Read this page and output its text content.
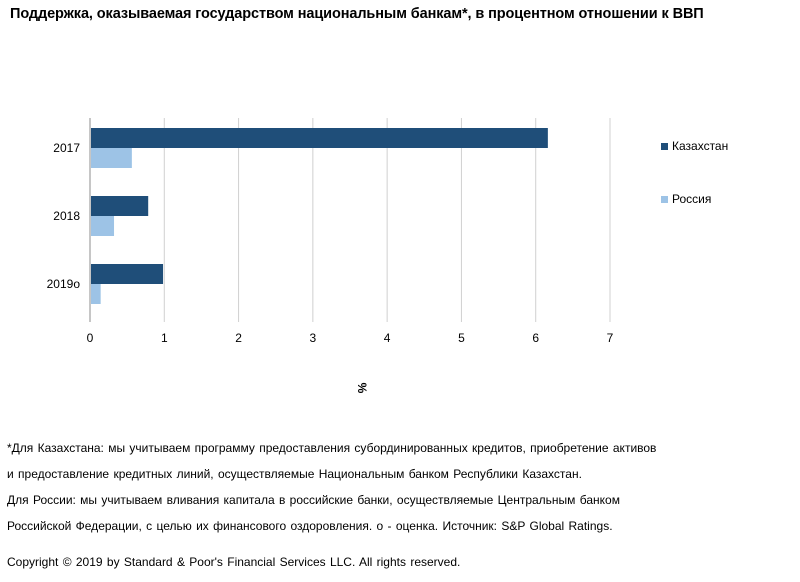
Поддержка, оказываемая государством национальным банкам*, в процентном отношении к ВВП
2017
2018
2019о
0	1	2	3	4	5	6	7
%
Казахстан
Россия
*Для Казахстана: мы учитываем программу предоставления субординированных кредитов, приобретение активов
и предоставление кредитных линий, осуществляемые Национальным банком Республики Казахстан.
Для России: мы учитываем вливания капитала в российские банки, осуществляемые Центральным банком
Российской Федерации, с целью их финансового оздоровления. о - оценка. Источник: S&P Global Ratings.
Copyright © 2019 by Standard & Poor's Financial Services LLC. All rights reserved.
